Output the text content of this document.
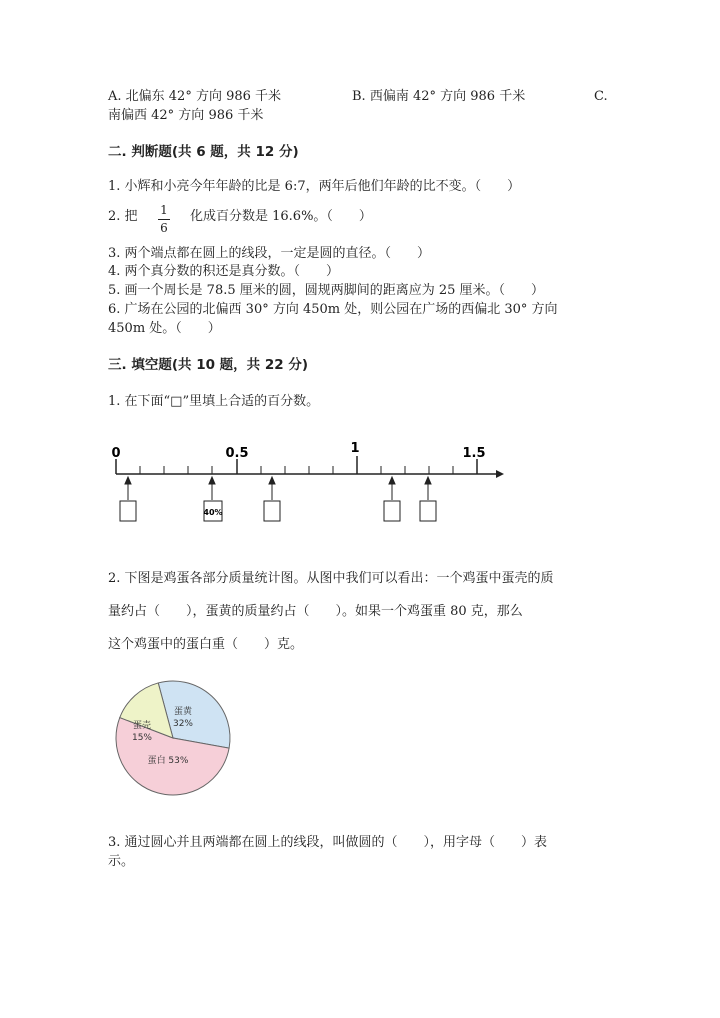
A. 北偏东 42° 方向 986 千米	B. 西偏南 42° 方向 986 千米	C.
南偏西 42° 方向 986 千米
二. 判断题(共 6 题，共 12 分)
1. 小辉和小亮今年年龄的比是 6:7，两年后他们年龄的比不变。（　　）
2. 把 1
6
化成百分数是 16.6%。（　　）
3. 两个端点都在圆上的线段，一定是圆的直径。（　　）
4. 两个真分数的积还是真分数。（　　）
5. 画一个周长是 78.5 厘米的圆，圆规两脚间的距离应为 25 厘米。（　　）
6. 广场在公园的北偏西 30° 方向 450m 处，则公园在广场的西偏北 30° 方向
450m 处。（　　）
三. 填空题(共 10 题，共 22 分)
1. 在下面“□”里填上合适的百分数。
0	0.5	1	1.5
40%
2. 下图是鸡蛋各部分质量统计图。从图中我们可以看出：一个鸡蛋中蛋壳的质
量约占（　　），蛋黄的质量约占（　　）。如果一个鸡蛋重 80 克，那么
这个鸡蛋中的蛋白重（　　）克。
蛋黄 32%
蛋白 53%
蛋壳 15%
3. 通过圆心并且两端都在圆上的线段，叫做圆的（　　），用字母（　　）表
示。
